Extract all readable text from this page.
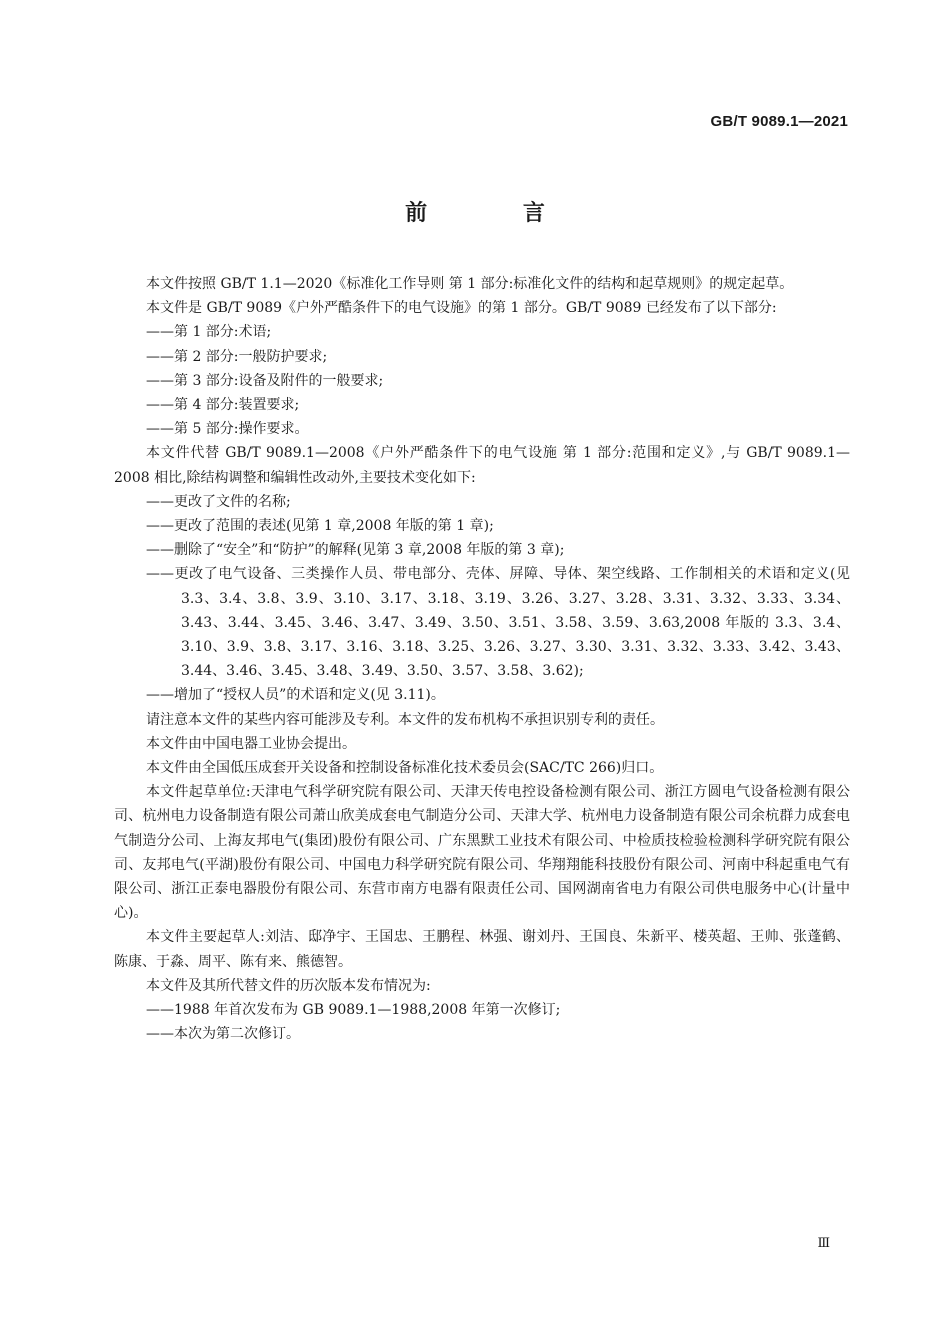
GB/T 9089.1—2021
前 言

本文件按照 GB/T 1.1—2020《标准化工作导则 第 1 部分:标准化文件的结构和起草规则》的规定起草。

本文件是 GB/T 9089《户外严酷条件下的电气设施》的第 1 部分。GB/T 9089 已经发布了以下部分:

——第 1 部分:术语;

——第 2 部分:一般防护要求;

——第 3 部分:设备及附件的一般要求;

——第 4 部分:装置要求;

——第 5 部分:操作要求。

本文件代替 GB/T 9089.1—2008《户外严酷条件下的电气设施 第 1 部分:范围和定义》,与 GB/T 9089.1—2008 相比,除结构调整和编辑性改动外,主要技术变化如下:

——更改了文件的名称;

——更改了范围的表述(见第 1 章,2008 年版的第 1 章);

——删除了“安全”和“防护”的解释(见第 3 章,2008 年版的第 3 章);

——更改了电气设备、三类操作人员、带电部分、壳体、屏障、导体、架空线路、工作制相关的术语和定义(见 3.3、3.4、3.8、3.9、3.10、3.17、3.18、3.19、3.26、3.27、3.28、3.31、3.32、3.33、3.34、3.43、3.44、3.45、3.46、3.47、3.49、3.50、3.51、3.58、3.59、3.63,2008 年版的 3.3、3.4、3.10、3.9、3.8、3.17、3.16、3.18、3.25、3.26、3.27、3.30、3.31、3.32、3.33、3.42、3.43、3.44、3.46、3.45、3.48、3.49、3.50、3.57、3.58、3.62);

——增加了“授权人员”的术语和定义(见 3.11)。

请注意本文件的某些内容可能涉及专利。本文件的发布机构不承担识别专利的责任。

本文件由中国电器工业协会提出。

本文件由全国低压成套开关设备和控制设备标准化技术委员会(SAC/TC 266)归口。

本文件起草单位:天津电气科学研究院有限公司、天津天传电控设备检测有限公司、浙江方圆电气设备检测有限公司、杭州电力设备制造有限公司萧山欣美成套电气制造分公司、天津大学、杭州电力设备制造有限公司余杭群力成套电气制造分公司、上海友邦电气(集团)股份有限公司、广东黑默工业技术有限公司、中检质技检验检测科学研究院有限公司、友邦电气(平湖)股份有限公司、中国电力科学研究院有限公司、华翔翔能科技股份有限公司、河南中科起重电气有限公司、浙江正泰电器股份有限公司、东营市南方电器有限责任公司、国网湖南省电力有限公司供电服务中心(计量中心)。

本文件主要起草人:刘洁、邸净宇、王国忠、王鹏程、林强、谢刘丹、王国良、朱新平、楼英超、王帅、张蓬鹤、陈康、于淼、周平、陈有来、熊德智。

本文件及其所代替文件的历次版本发布情况为:

——1988 年首次发布为 GB 9089.1—1988,2008 年第一次修订;

——本次为第二次修订。

Ⅲ
